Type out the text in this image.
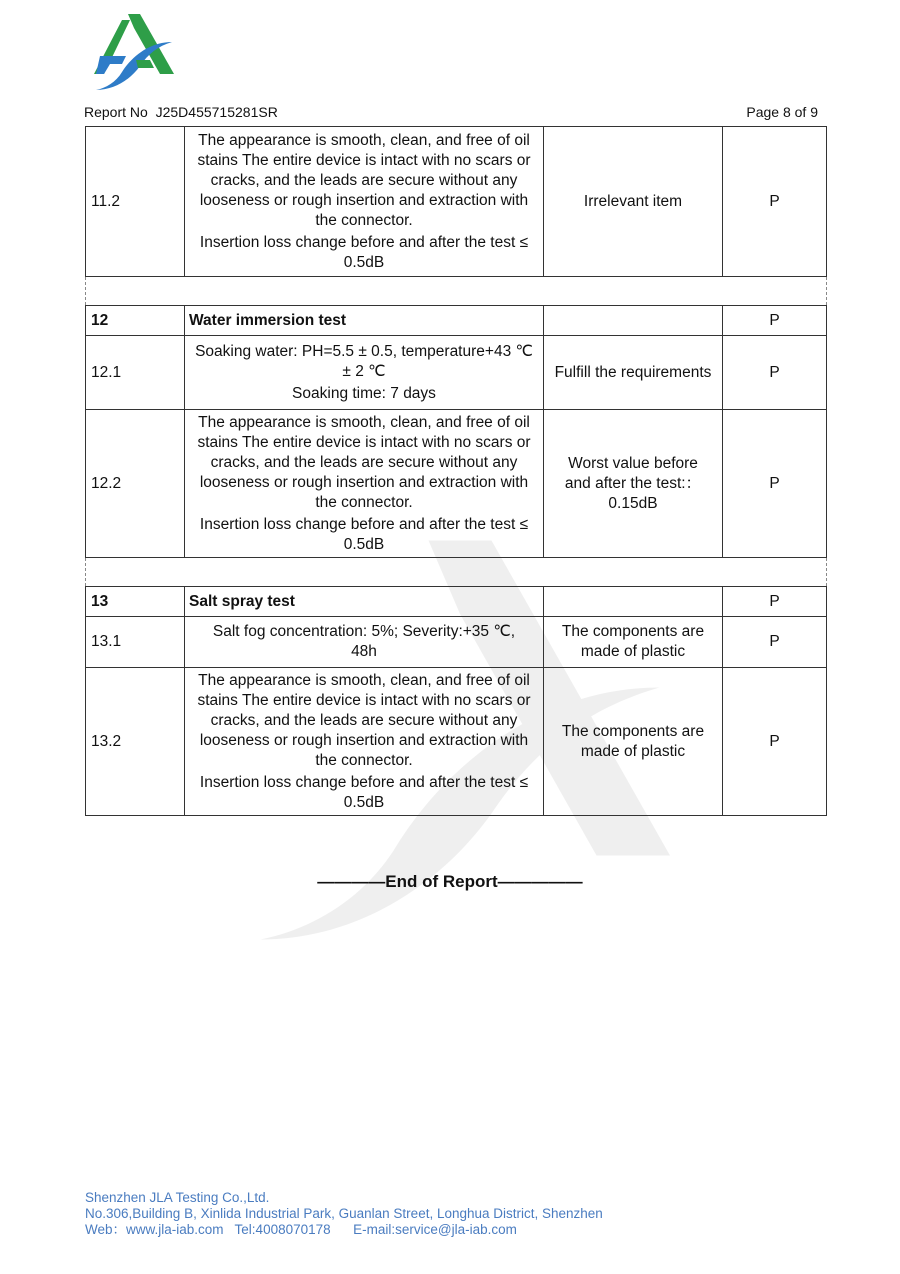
Report No J25D455715281SR	Page 8 of 9
11.2	The appearance is smooth, clean, and free of oil stains The entire device is intact with no scars or cracks, and the leads are secure without any looseness or rough insertion and extraction with the connector.
Insertion loss change before and after the test ≤ 0.5dB	Irrelevant item	P

12	Water immersion test		P
12.1	Soaking water: PH=5.5 ± 0.5, temperature+43 ℃ ± 2 ℃
Soaking time: 7 days	Fulfill the requirements	P
12.2	The appearance is smooth, clean, and free of oil stains The entire device is intact with no scars or cracks, and the leads are secure without any looseness or rough insertion and extraction with the connector.
Insertion loss change before and after the test ≤ 0.5dB	Worst value before and after the test:： 0.15dB	P

13	Salt spray test		P
13.1	Salt fog concentration: 5%; Severity:+35 ℃, 48h	The components are made of plastic	P
13.2	The appearance is smooth, clean, and free of oil stains The entire device is intact with no scars or cracks, and the leads are secure without any looseness or rough insertion and extraction with the connector.
Insertion loss change before and after the test ≤ 0.5dB	The components are made of plastic	P
————End of Report—————
Shenzhen JLA Testing Co.,Ltd.
No.306,Building B, Xinlida Industrial Park, Guanlan Street, Longhua District, Shenzhen
Web：www.jla-iab.com   Tel:4008070178      E-mail:service@jla-iab.com
